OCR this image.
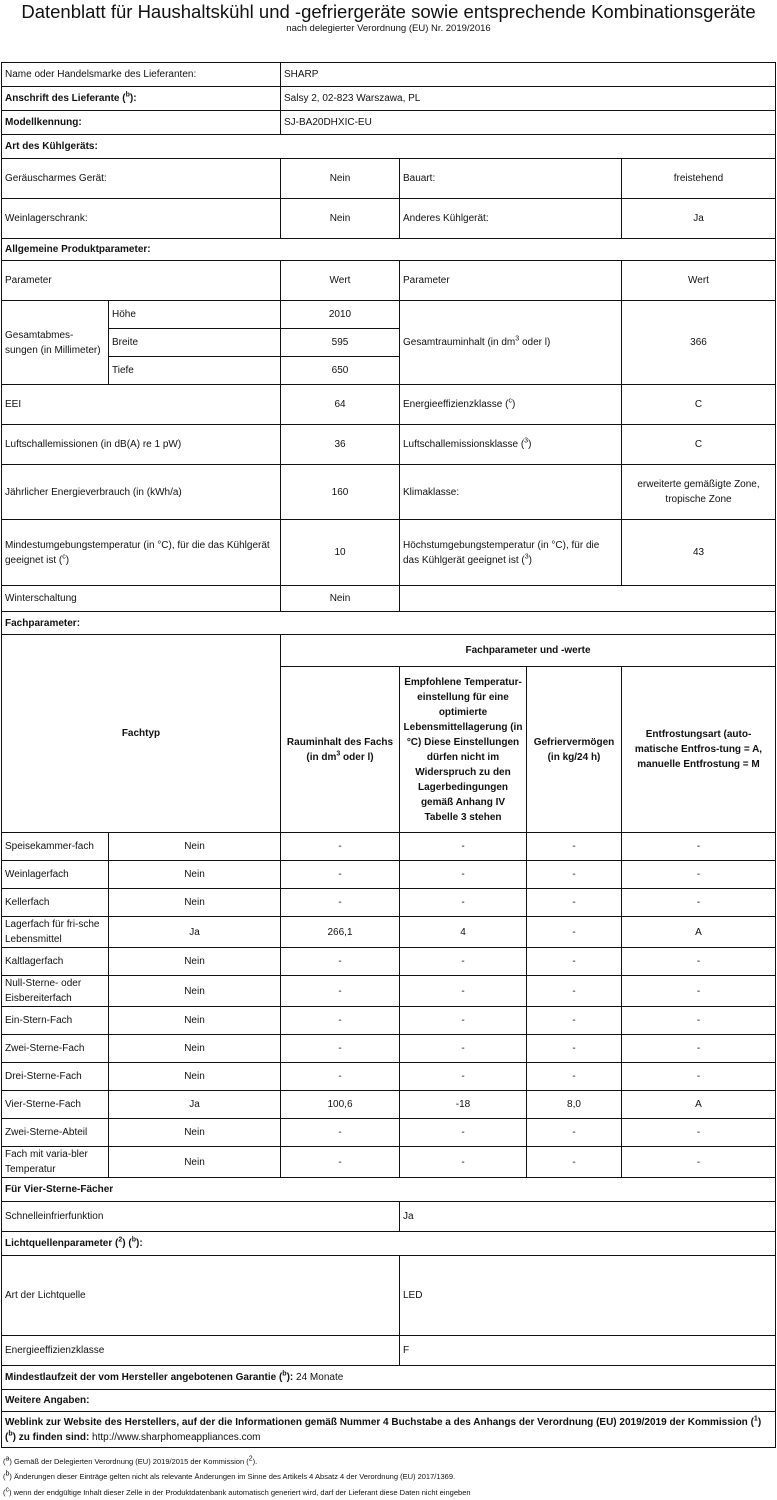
Datenblatt für Haushaltskühl und -gefriergeräte sowie entsprechende Kombinationsgeräte
nach delegierter Verordnung (EU) Nr. 2019/2016
Name oder Handelsmarke des Lieferanten:		SHARP			
Anschrift des Lieferante ($^b$):		Salsy 2, 02-823 Warszawa, PL			
Modellkennung:		SJ-BA20DHXIC-EU			
Art des Kühlgeräts:					
Geräuscharmes Gerät:		Nein	Bauart:		freistehend
Weinlagerschrank:		Nein	Anderes Kühlgerät:		Ja
Allgemeine Produktparameter:					
Parameter		Wert	Parameter		Wert
Gesamtabmes-sungen (in Millimeter)	Höhe	2010	Gesamtrauminhalt (in $dm^3$ oder l)		366
	Breite	595			
	Tiefe	650			
EEI		64	Energieeffizienzklasse ($^c$)		C
Luftschallemissionen (in dB(A) re 1 pW)		36	Luftschallemissionsklasse ($^3$)		C
Jährlicher Energieverbrauch (in (kWh/a)		160	Klimaklasse:		erweiterte gemäßigte Zone, tropische Zone
Mindestumgebungstemperatur (in °C), für die das Kühlgerät geeignet ist ($^c$)		10	Höchstumgebungstemperatur (in °C), für die das Kühlgerät geeignet ist ($^3$)		43
Winterschaltung		Nein			
Fachparameter:					
Fachtyp		Fachparameter und -werte			
		Rauminhalt des Fachs (in $dm^3$ oder l)	Empfohlene Temperatur-einstellung für eine optimierte Lebensmittellagerung (in °C) Diese Einstellungen dürfen nicht im Widerspruch zu den Lagerbedingungen gemäß Anhang IV Tabelle 3 stehen	Gefriervermögen (in kg/24 h)	Entfrostungsart (auto-matische Entfros-tung = A, manuelle Entfrostung = M
Speisekammer-fach	Nein	-	-	-	-
Weinlagerfach	Nein	-	-	-	-
Kellerfach	Nein	-	-	-	-
Lagerfach für fri-sche Lebensmittel	Ja	266,1	4	-	A
Kaltlagerfach	Nein	-	-	-	-
Null-Sterne- oder Eisbereiterfach	Nein	-	-	-	-
Ein-Stern-Fach	Nein	-	-	-	-
Zwei-Sterne-Fach	Nein	-	-	-	-
Drei-Sterne-Fach	Nein	-	-	-	-
Vier-Sterne-Fach	Ja	100,6	-18	8,0	A
Zwei-Sterne-Abteil	Nein	-	-	-	-
Fach mit varia-bler Temperatur	Nein	-	-	-	-
Für Vier-Sterne-Fächer					
Schnelleinfrierfunktion			Ja		
Lichtquellenparameter ($^2$) ($^b$):					
Art der Lichtquelle			LED		
Energieeffizienzklasse			F		
Mindestlaufzeit der vom Hersteller angebotenen Garantie ($^b$): 24 Monate					
Weitere Angaben:					
Weblink zur Website des Herstellers, auf der die Informationen gemäß Nummer 4 Buchstabe a des Anhangs der Verordnung (EU) 2019/2019 der Kommission ($^1$) ($^b$) zu finden sind: http://www.sharphomeappliances.com					
($^a$) Gemäß der Delegierten Verordnung (EU) 2019/2015 der Kommission ($^2$).
($^b$) Änderungen dieser Einträge gelten nicht als relevante Änderungen im Sinne des Artikels 4 Absatz 4 der Verordnung (EU) 2017/1369.
($^c$) wenn der endgültige Inhalt dieser Zelle in der Produktdatenbank automatisch generiert wird, darf der Lieferant diese Daten nicht eingeben
